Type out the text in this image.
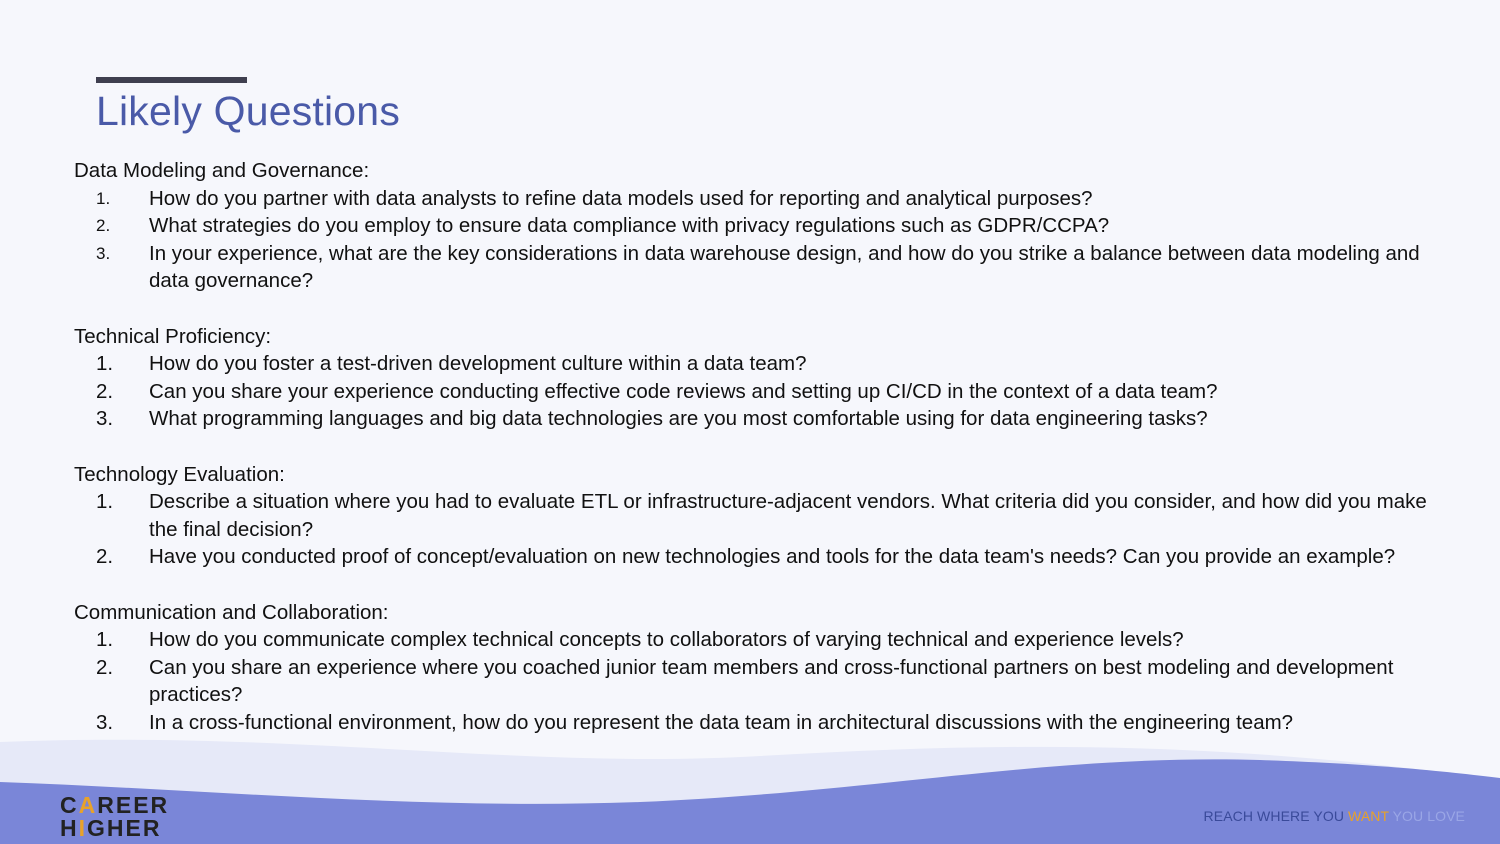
Likely Questions
Data Modeling and Governance:
1. How do you partner with data analysts to refine data models used for reporting and analytical purposes?
2. What strategies do you employ to ensure data compliance with privacy regulations such as GDPR/CCPA?
3. In your experience, what are the key considerations in data warehouse design, and how do you strike a balance between data modeling and data governance?
Technical Proficiency:
1. How do you foster a test-driven development culture within a data team?
2. Can you share your experience conducting effective code reviews and setting up CI/CD in the context of a data team?
3. What programming languages and big data technologies are you most comfortable using for data engineering tasks?
Technology Evaluation:
1. Describe a situation where you had to evaluate ETL or infrastructure-adjacent vendors. What criteria did you consider, and how did you make the final decision?
2. Have you conducted proof of concept/evaluation on new technologies and tools for the data team's needs? Can you provide an example?
Communication and Collaboration:
1. How do you communicate complex technical concepts to collaborators of varying technical and experience levels?
2. Can you share an experience where you coached junior team members and cross-functional partners on best modeling and development practices?
3. In a cross-functional environment, how do you represent the data team in architectural discussions with the engineering team?
CAREER
HIGHER	REACH WHERE YOU WANT YOU LOVE
